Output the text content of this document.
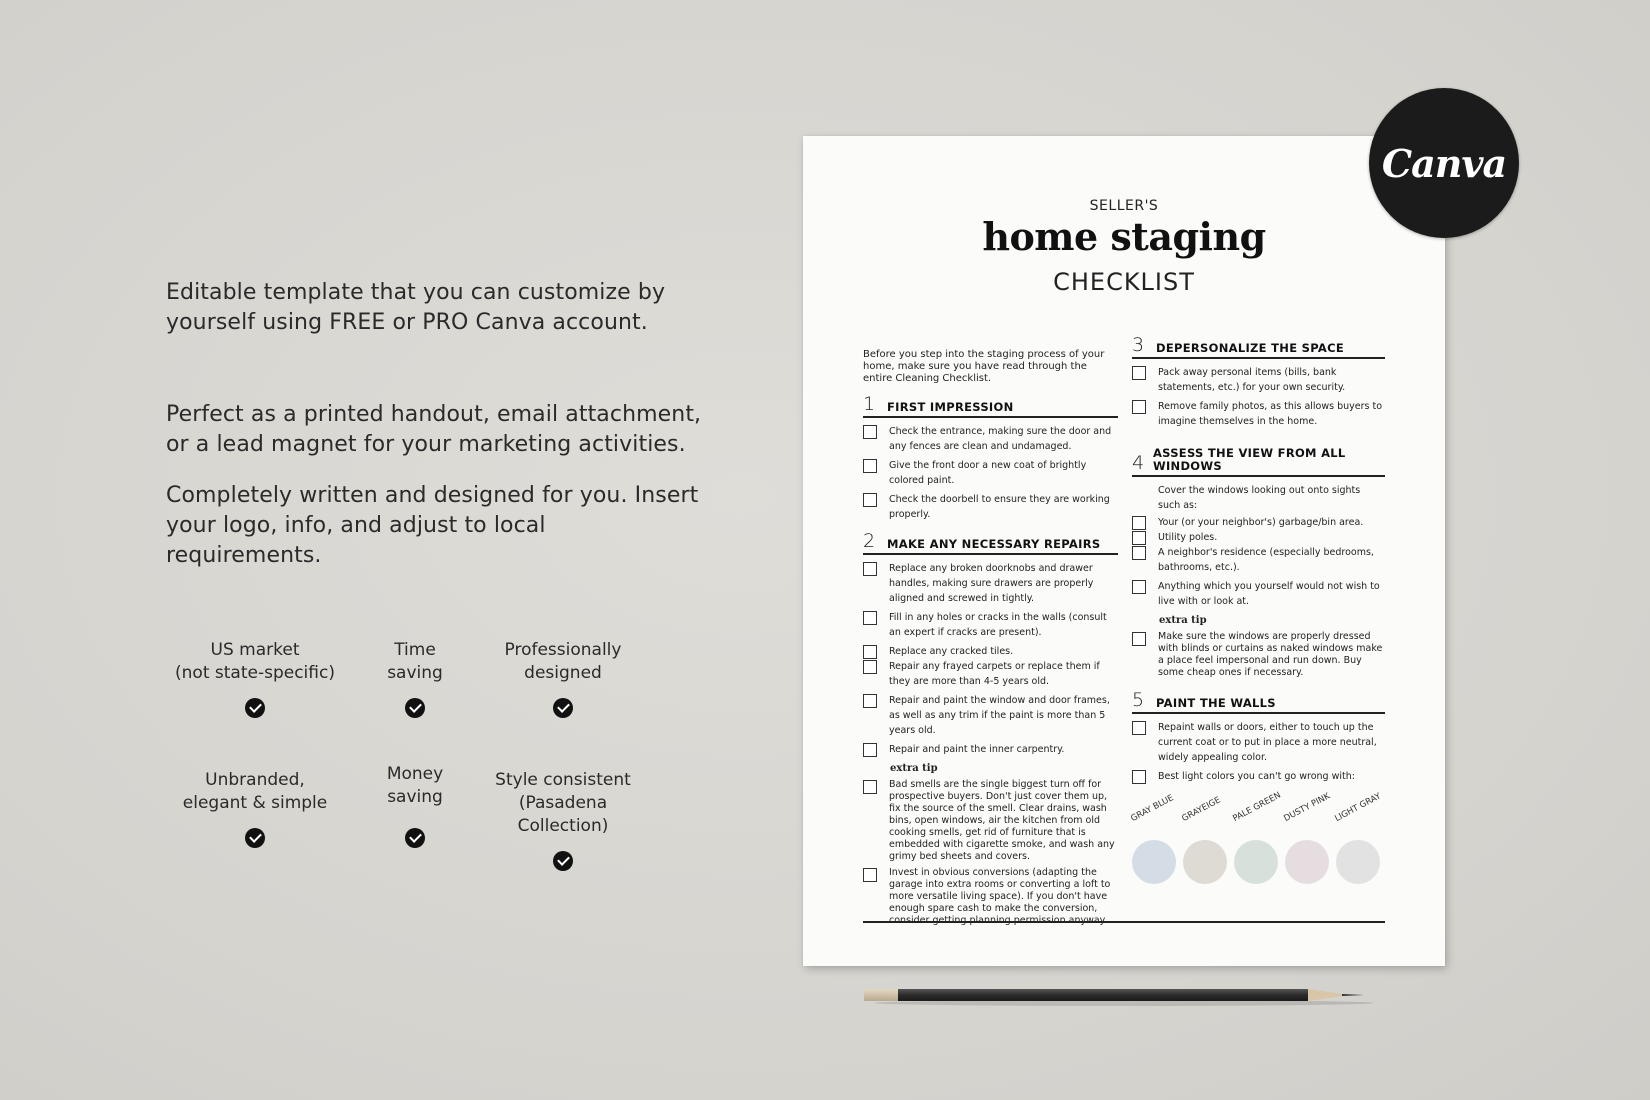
Editable template that you can customize by yourself using FREE or PRO Canva account.

Perfect as a printed handout, email attachment, or a lead magnet for your marketing activities.

Completely written and designed for you. Insert your logo, info, and adjust to local requirements.

US market
(not state-specific)
Time
saving
Professionally
designed
Unbranded,
elegant & simple
Money
saving
Style consistent
(Pasadena Collection)
SELLER'S
home staging
CHECKLIST

Before you step into the staging process of your home, make sure you have read through the entire Cleaning Checklist.

1	FIRST IMPRESSION
Check the entrance, making sure the door and any fences are clean and undamaged.
Give the front door a new coat of brightly colored paint.
Check the doorbell to ensure they are working properly.
2	MAKE ANY NECESSARY REPAIRS
Replace any broken doorknobs and drawer handles, making sure drawers are properly aligned and screwed in tightly.
Fill in any holes or cracks in the walls (consult an expert if cracks are present).
Replace any cracked tiles.
Repair any frayed carpets or replace them if they are more than 4-5 years old.
Repair and paint the window and door frames, as well as any trim if the paint is more than 5 years old.
Repair and paint the inner carpentry.
extra tip
Bad smells are the single biggest turn off for prospective buyers. Don't just cover them up, fix the source of the smell. Clear drains, wash bins, open windows, air the kitchen from old cooking smells, get rid of furniture that is embedded with cigarette smoke, and wash any grimy bed sheets and covers.
Invest in obvious conversions (adapting the garage into extra rooms or converting a loft to more versatile living space). If you don't have enough spare cash to make the conversion, consider getting planning permission anyway.
3	DEPERSONALIZE THE SPACE
Pack away personal items (bills, bank statements, etc.) for your own security.
Remove family photos, as this allows buyers to imagine themselves in the home.
4 ASSESS THE VIEW FROM ALL WINDOWS
Cover the windows looking out onto sights such as:
Your (or your neighbor's) garbage/bin area.
Utility poles.
A neighbor's residence (especially bedrooms, bathrooms, etc.).
Anything which you yourself would not wish to live with or look at.
extra tip
Make sure the windows are properly dressed with blinds or curtains as naked windows make a place feel impersonal and run down. Buy some cheap ones if necessary.
5	PAINT THE WALLS
Repaint walls or doors, either to touch up the current coat or to put in place a more neutral, widely appealing color.
Best light colors you can't go wrong with:
GRAY BLUE GRAYEIGE PALE GREEN DUSTY PINK LIGHT GRAY
Canva
